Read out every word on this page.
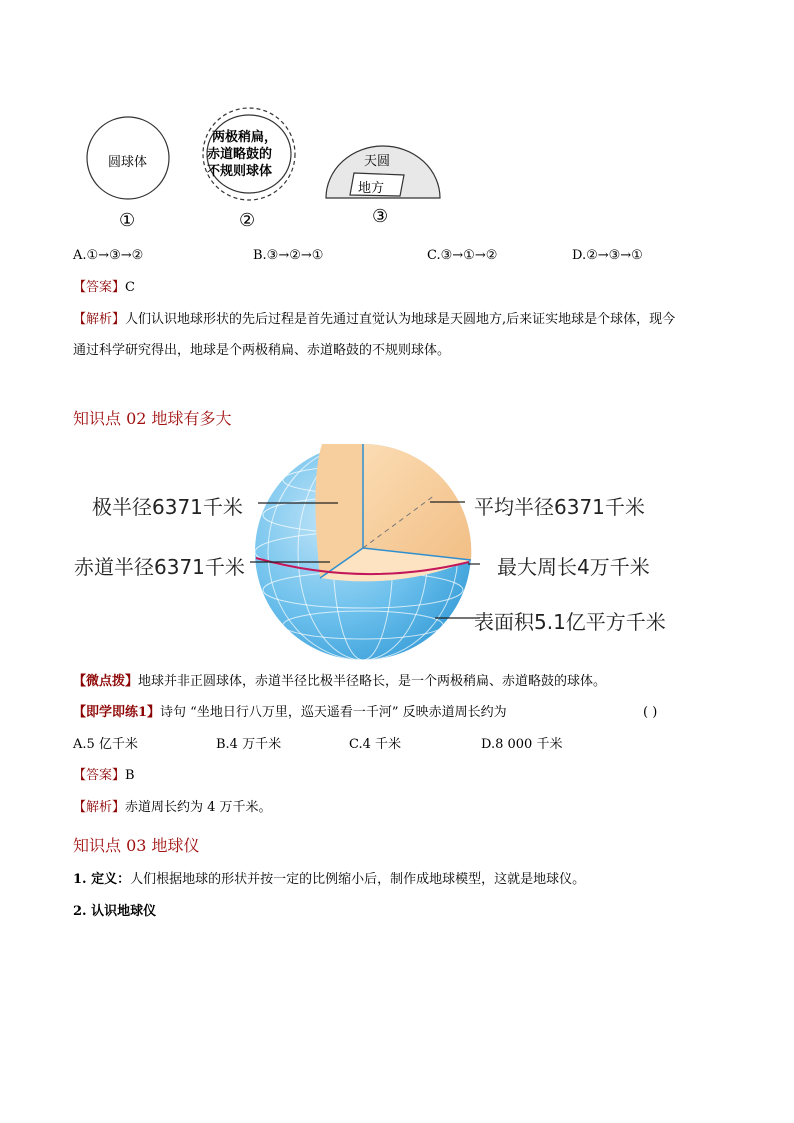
圆球体
两极稍扁，
赤道略鼓的
不规则球体
天圆
地方
①	②	③
A.①→③→②	B.③→②→①	C.③→①→②	D.②→③→①
【答案】C
【解析】人们认识地球形状的先后过程是首先通过直觉认为地球是天圆地方,后来证实地球是个球体，现今
通过科学研究得出，地球是个两极稍扁、赤道略鼓的不规则球体。
知识点 02 地球有多大
极半径6371千米	平均半径6371千米
赤道半径6371千米	最大周长4万千米
表面积5.1亿平方千米
【微点拨】地球并非正圆球体，赤道半径比极半径略长，是一个两极稍扁、赤道略鼓的球体。
【即学即练1】诗句 “坐地日行八万里，巡天遥看一千河” 反映赤道周长约为	( )
A.5 亿千米	B.4 万千米	C.4 千米	D.8 000 千米
【答案】B
【解析】赤道周长约为 4 万千米。
知识点 03 地球仪
1. 定义：人们根据地球的形状并按一定的比例缩小后，制作成地球模型，这就是地球仪。
2. 认识地球仪
